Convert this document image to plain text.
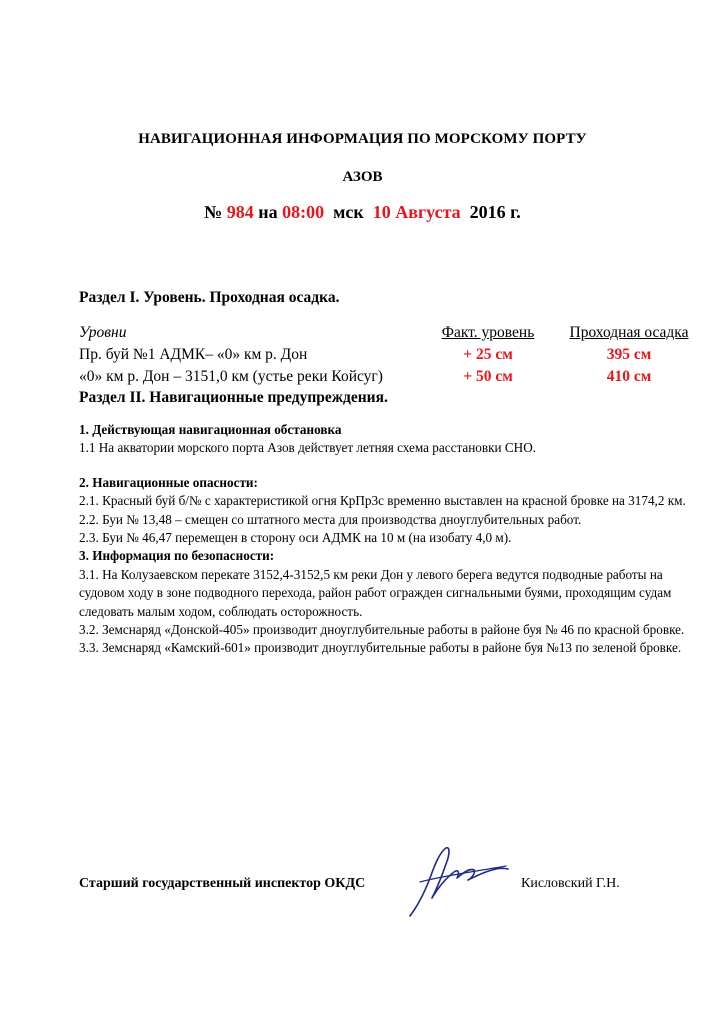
НАВИГАЦИОННАЯ ИНФОРМАЦИЯ ПО МОРСКОМУ ПОРТУ
АЗОВ
№ 984 на 08:00 мск 10 Августа 2016 г.
Раздел I. Уровень. Проходная осадка.
Уровни	Факт. уровень	Проходная осадка
Пр. буй №1 АДМК– «0» км р. Дон	+ 25 см	395 см
«0» км р. Дон – 3151,0 км (устье реки Койсуг)	+ 50 см	410 см
Раздел II. Навигационные предупреждения.

1. Действующая навигационная обстановка

1.1 На акватории морского порта Азов действует летняя схема расстановки СНО.

2. Навигационные опасности:

2.1. Красный буй б/№ с характеристикой огня КрПр3с временно выставлен на красной бровке на 3174,2 км.

2.2. Буи № 13,48 – смещен со штатного места для производства дноуглубительных работ.

2.3. Буи № 46,47 перемещен в сторону оси АДМК на 10 м (на изобату 4,0 м).

3. Информация по безопасности:

3.1. На Колузаевском перекате 3152,4-3152,5 км реки Дон у левого берега ведутся подводные работы на судовом ходу в зоне подводного перехода, район работ огражден сигнальными буями, проходящим судам следовать малым ходом, соблюдать осторожность.

3.2. Земснаряд «Донской-405» производит дноуглубительные работы в районе буя № 46 по красной бровке.

3.3. Земснаряд «Камский-601» производит дноуглубительные работы в районе буя №13 по зеленой бровке.

Старший государственный инспектор ОКДС	Кисловский Г.Н.
